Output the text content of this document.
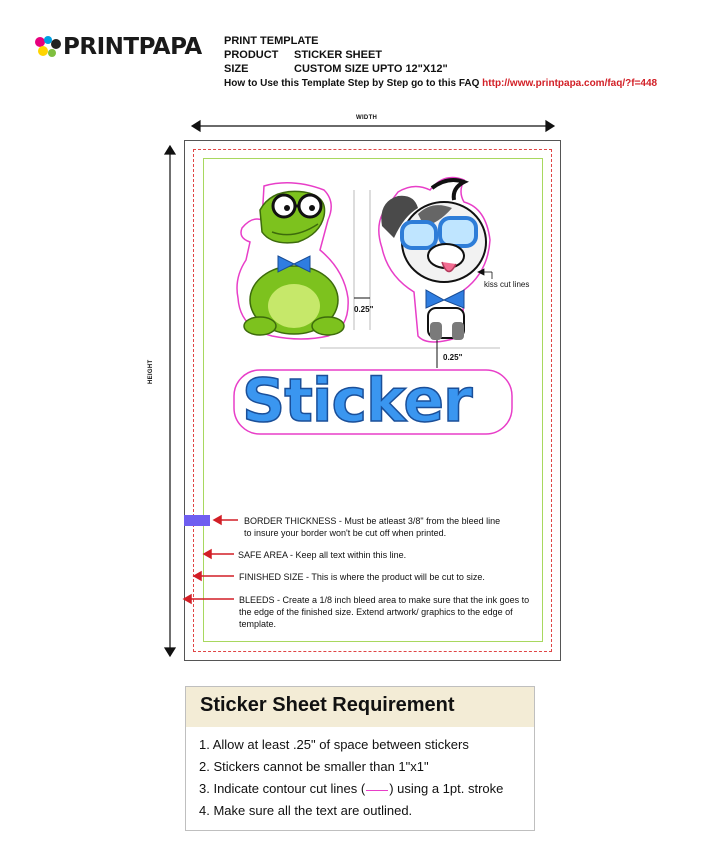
PRINTPAPA PRINT TEMPLATE
PRODUCT STICKER SHEET
SIZE	CUSTOM SIZE UPTO 12"X12"
How to Use this Template Step by Step go to this FAQ http://www.printpapa.com/faq/?f=448
WIDTH
HEIGHT
0.25"
0.25"
kiss cut lines
Sticker
BORDER THICKNESS - Must be atleast 3/8" from the bleed line
to insure your border won't be cut off when printed.
SAFE AREA - Keep all text within this line.
FINISHED SIZE - This is where the product will be cut to size.
BLEEDS - Create a 1/8 inch bleed area to make sure that the ink goes to the edge of the finished size. Extend artwork/ graphics to the edge of template.
Sticker Sheet Requirement
1. Allow at least .25" of space between stickers
2. Stickers cannot be smaller than 1"x1"
3. Indicate contour cut lines ( ) using a 1pt. stroke
4. Make sure all the text are outlined.
